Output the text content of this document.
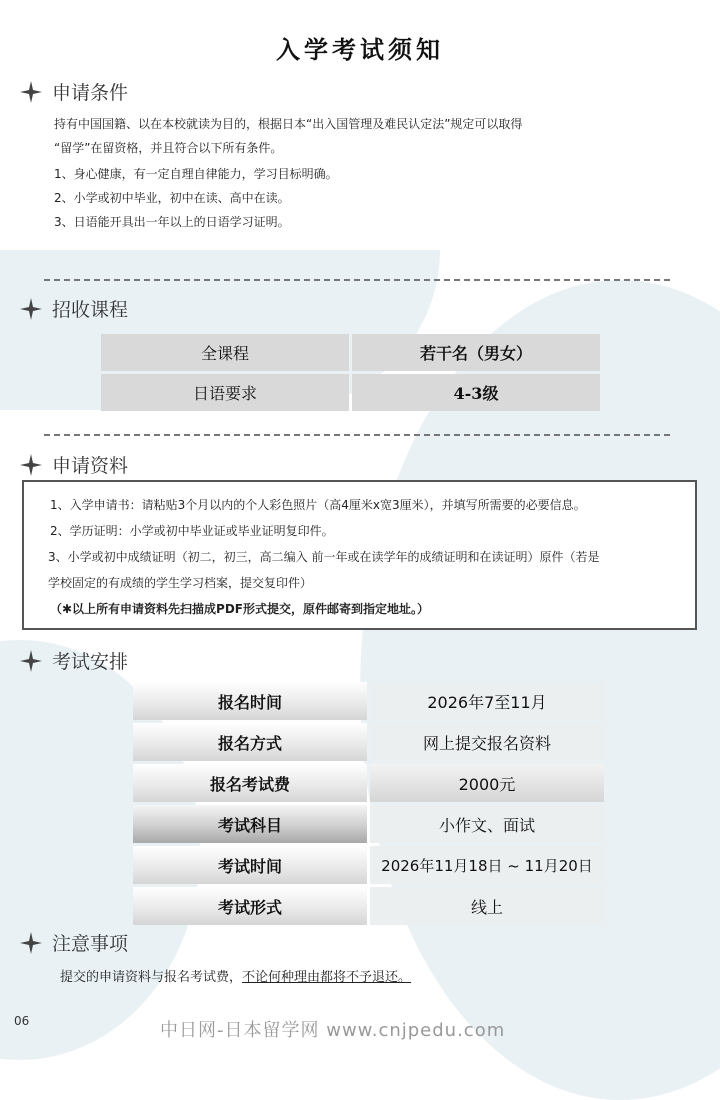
入学考试须知
申请条件

持有中国国籍、以在本校就读为目的，根据日本“出入国管理及难民认定法”规定可以取得

“留学”在留资格，并且符合以下所有条件。

1、身心健康，有一定自理自律能力，学习目标明确。

2、小学或初中毕业，初中在读、高中在读。

3、日语能开具出一年以上的日语学习证明。

招收课程
全课程	若干名（男女）
日语要求	4-3级
申请资料

1、入学申请书：请粘贴3个月以内的个人彩色照片（高4厘米x宽3厘米），并填写所需要的必要信息。

2、学历证明：小学或初中毕业证或毕业证明复印件。

3、小学或初中成绩证明（初二，初三，高二编入 前一年或在读学年的成绩证明和在读证明）原件（若是

学校固定的有成绩的学生学习档案，提交复印件）

（✱以上所有申请资料先扫描成PDF形式提交，原件邮寄到指定地址。）

考试安排
报名时间	2026年7至11月
报名方式	网上提交报名资料
报名考试费	2000元
考试科目	小作文、面试
考试时间	2026年11月18日 ~ 11月20日
考试形式	线上
注意事项
提交的申请资料与报名考试费，不论何种理由都将不予退还。
06	中日网-日本留学网 www.cnjpedu.com
